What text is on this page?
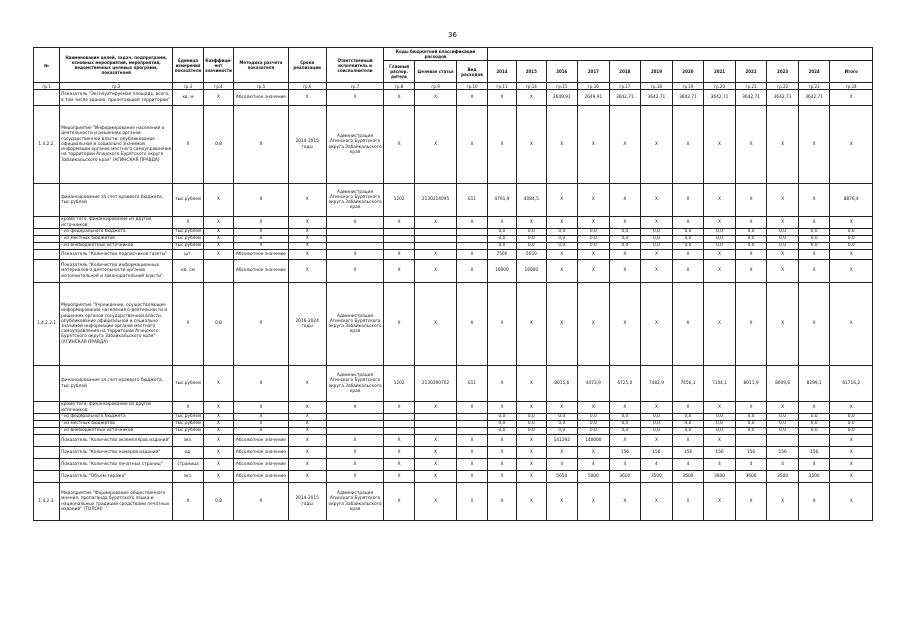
36
№	Наименование целей, задач, подпрограмм, основных мероприятий, мероприятий, ведомственных целевых программ, показателей	Единица измерения показателя	Коэффици-ент значимости	Методика расчета показателя	Сроки реализации	Ответственный исполнитель и соисполнители	Коды бюджетной классификации расходов														
							Главный распор. дитель	Целевая статья	Вид расходов	2014	2015	2016	2017	2018	2019	2020	2021	2022	2023	2024	Итого
гр.1	гр.2	гр.3	гр.4	гр.5	гр.6	гр.7	гр.8	гр.9	гр.10	гр.11	гр.14	гр.15	гр.16	гр.17	гр.18	гр.19	гр.20	гр.21	гр.22	гр.23	гр.24
	Показатель "Эксплуатируемая площадь, всего, в том числе здания, прилегающей территории"	кв. м	X	Абсолютное значение	X	X	X	X	X	X	X	2649,91	2649,91	3642,71	3642,71	3642,71	3642,71	3642,71	3642,71	3642,71	X
1.4.2.2.	Мероприятие "Информирование населения о деятельности и решениях органов государственной власти, опубликование официальной и социально значимой информации органов местного самоуправления на территории Агинского Бурятского округа Забайкальского края" (АГИНСКАЯ ПРАВДА)	X	0,8	X	2014-2015 годы	Администрация Агинского Бурятского округа Забайкальского края	X	X	X	X	X	X	X	X	X	X	X	X	X	X	X
	финансирование за счет краевого бюджета, тыс.рублей	тыс.рублей	X	X	X	Администрация Агинского Бурятского округа Забайкальского края	1202	2130214095	611	4791,9	4084,5	X	X	X	X	X	X	X	X	X	8876,4
	кроме того, финансирование из других источников:	X	X	X	X	X	X	X	X	X	X	X	X	X	X	X	X	X	X	X	X
	- из федерального бюджета	тыс.рублей	X	X	X					0,0	0,0	0,0	0,0	0,0	0,0	0,0	0,0	0,0	0,0	0,0	0,0
	- из местных бюджетов	тыс.рублей	X	X	X					0,0	0,0	0,0	0,0	0,0	0,0	0,0	0,0	0,0	0,0	0,0	0,0
	- из внебюджетных источников	тыс.рублей	X	X	X					0,0	0,0	0,0	0,0	0,0	0,0	0,0	0,0	0,0	0,0	0,0	0,0
	Показатель "Количество подписчиков газеты"	шт.	X	Абсолютное значение	X	X	X	X	X	7500	5650	X	X	X	X	X	X	X	X	X	X
	Показатель "Количество информационных материалов о деятельности органов исполнительной и законодательной власти"	кв. см		Абсолютное значение	X	X	X	X	X	16000	16000	X	X	X	X	X	X	X	X	X	X
1.4.2.2.1	Мероприятие "Учреждение, осуществляющее информирование населения о деятельности и решениях органов государственной власти, опубликование официальной и социально значимой информации органов местного самоуправления на территории Агинского Бурятского округа Забайкальского края" (АГИНСКАЯ ПРАВДА)	X	0,8	X	2016-2024 годы	Администрация Агинского Бурятского округа Забайкальского края	X	X	X	X	X	X	X	X	X	X	X	X	X	X	X
	финансирование за счет краевого бюджета, тыс.рублей	тыс.рублей	X	X	X	Администрация Агинского Бурятского округа Забайкальского края	1202	2130290702	611	X	X	8015,6	4473,9	6725,0	7482,9	7456,1	7104,1	8011,9	8009,6	8299,1	61716,2
	кроме того, финансирование из других источников:	X	X	X	X	X	X	X	X	X	X	X	X	X	X	X	X	X	X	X	X
	- из федерального бюджета	тыс.рублей	X	X	X					0,0	0,0	0,0	0,0	0,0	0,0	0,0	0,0	0,0	0,0	0,0	0,0
	- из местных бюджетов	тыс.рублей	X	X	X					0,0	0,0	0,0	0,0	0,0	0,0	0,0	0,0	0,0	0,0	0,0	0,0
	- из внебюджетных источников	тыс.рублей	X	X	X					0,0	0,0	0,0	0,0	0,0	0,0	0,0	0,0	0,0	0,0	0,0	0,0
	Показатель "Количество экземпляров изданий"	экз.	X	Абсолютное значение	X	X	X	X	X	X	X	141292	140000	X	X	X	X				X
	Показатель "Количество номеров изданий"	ед.	X	Абсолютное значение	X	X	X	X	X	X	X	X	X	156	156	156	156	156	156	156	X
	Показатель "Количество печатных страниц"	страница	X	Абсолютное значение	X	X	X	X	X	X	X	4	4	4	4	4	4	4	4	4	X
	Показатель "Объем тиража"	экз.	X	Абсолютное значение	X	X	X	X	X	X	X	5650	5000	3600	3500	3500	3600	3600	3500	3500	X
1.4.2.3.	Мероприятие "Формирование общественного мнения, пропаганда бурятского языка и национальных традиций средствами печатных изданий" (ТОЛОН)	X	0,8	X	2014-2015 годы	Администрация Агинского Бурятского округа Забайкальского края	X	X	X	X	X	X	X	X	X	X	X	X	X	X	X
